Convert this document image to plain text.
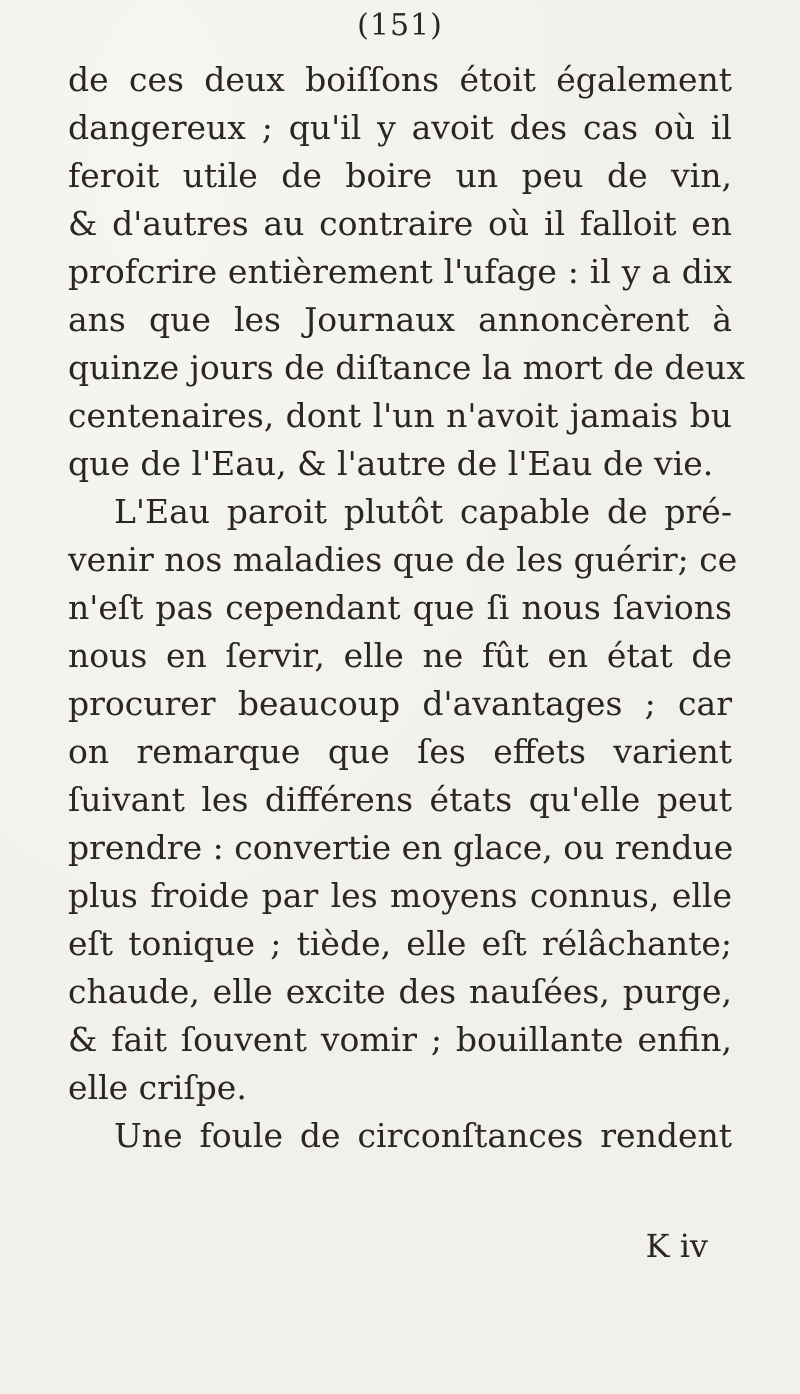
(151)
de ces deux boiſſons étoit également
dangereux ; qu'il y avoit des cas où il
feroit utile de boire un peu de vin,
& d'autres au contraire où il falloit en
profcrire entièrement l'ufage : il y a dix
ans que les Journaux annoncèrent à
quinze jours de diſtance la mort de deux
centenaires, dont l'un n'avoit jamais bu
que de l'Eau, & l'autre de l'Eau de vie.
L'Eau paroit plutôt capable de pré-
venir nos maladies que de les guérir; ce
n'eſt pas cependant que ſi nous ſavions
nous en ſervir, elle ne fût en état de
procurer beaucoup d'avantages ; car
on remarque que ſes effets varient
ſuivant les différens états qu'elle peut
prendre : convertie en glace, ou rendue
plus froide par les moyens connus, elle
eſt tonique ; tiède, elle eſt rélâchante;
chaude, elle excite des nauſées, purge,
& fait ſouvent vomir ; bouillante enfin,
elle criſpe.
Une foule de circonſtances rendent
K iv
